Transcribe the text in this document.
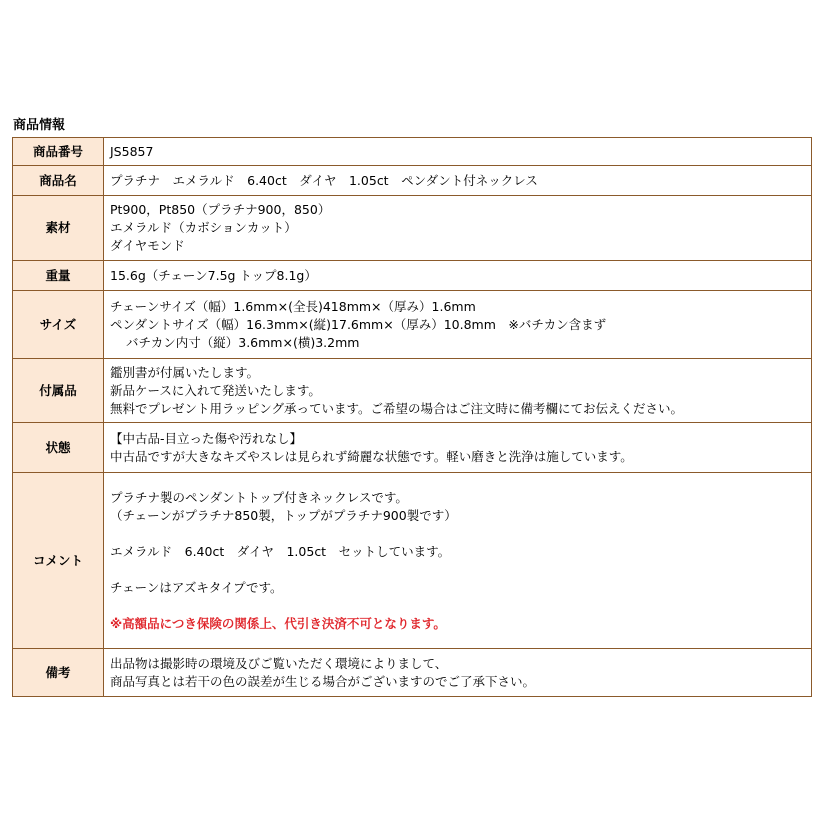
商品情報
商品番号	JS5857
商品名	プラチナ　エメラルド　6.40ct　ダイヤ　1.05ct　ペンダント付ネックレス
素材	Pt900，Pt850（プラチナ900，850）
エメラルド（カボションカット）
ダイヤモンド

重量	15.6g（チェーン7.5g トップ8.1g）
サイズ	チェーンサイズ（幅）1.6mm×(全長)418mm×（厚み）1.6mm
ペンダントサイズ（幅）16.3mm×(縦)17.6mm×（厚み）10.8mm　※バチカン含まず
バチカン内寸（縦）3.6mm×(横)3.2mm

付属品	鑑別書が付属いたします。
新品ケースに入れて発送いたします。
無料でプレゼント用ラッピング承っています。ご希望の場合はご注文時に備考欄にてお伝えください。

状態	【中古品-目立った傷や汚れなし】
中古品ですが大きなキズやスレは見られず綺麗な状態です。軽い磨きと洗浄は施しています。

コメント	プラチナ製のペンダントトップ付きネックレスです。
（チェーンがプラチナ850製，トップがプラチナ900製です）
エメラルド　6.40ct　ダイヤ　1.05ct　セットしています。
チェーンはアズキタイプです。
※高額品につき保険の関係上、代引き決済不可となります。

備考	出品物は撮影時の環境及びご覧いただく環境によりまして、
商品写真とは若干の色の誤差が生じる場合がございますのでご了承下さい。
